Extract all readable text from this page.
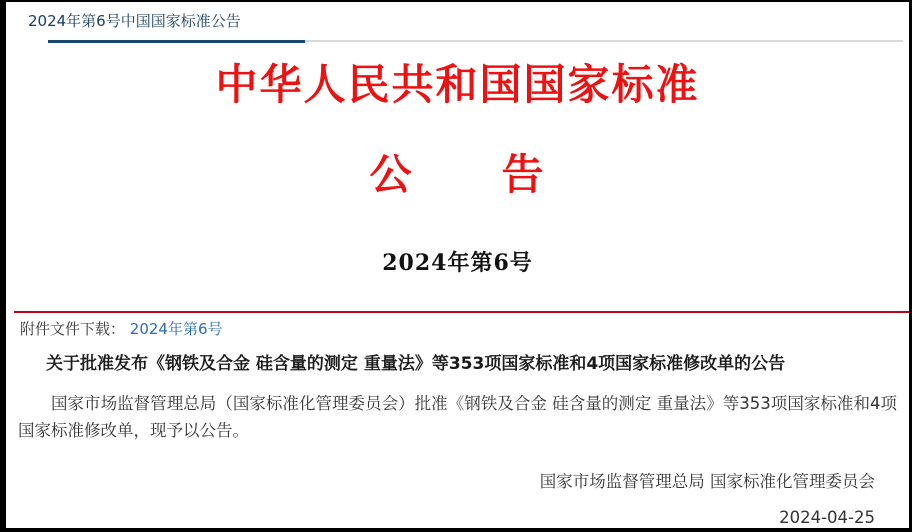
2024年第6号中国国家标准公告
中华人民共和国国家标准
公　　告
2024年第6号
附件文件下载： 2024年第6号
关于批准发布《钢铁及合金 硅含量的测定 重量法》等353项国家标准和4项国家标准修改单的公告

国家市场监督管理总局（国家标准化管理委员会）批准《钢铁及合金 硅含量的测定 重量法》等353项国家标准和4项国家标准修改单，现予以公告。

国家市场监督管理总局 国家标准化管理委员会
2024-04-25
